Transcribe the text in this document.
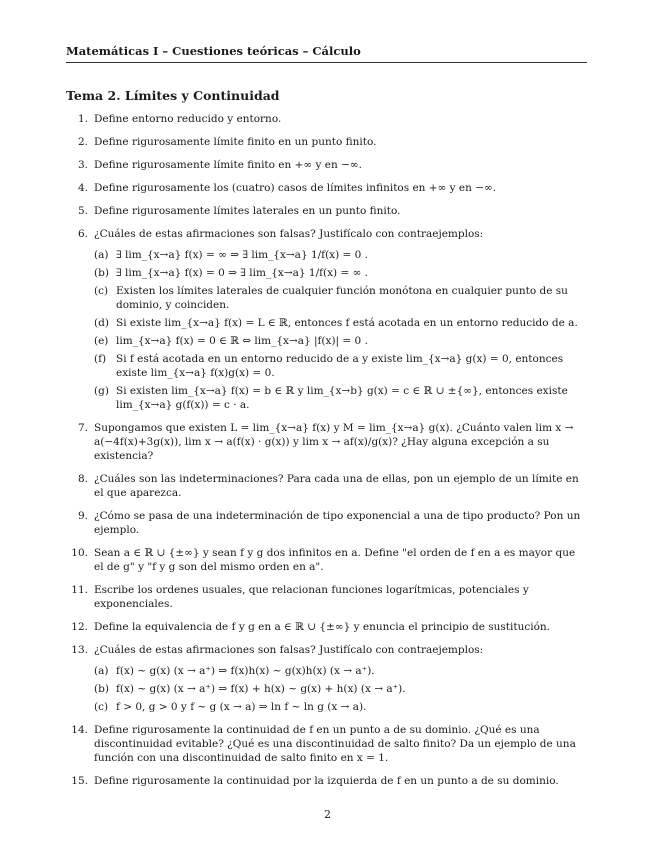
Matemáticas I – Cuestiones teóricas – Cálculo
Tema 2. Límites y Continuidad
1. Define entorno reducido y entorno.
2. Define rigurosamente límite finito en un punto finito.
3. Define rigurosamente límite finito en +∞ y en −∞.
4. Define rigurosamente los (cuatro) casos de límites infinitos en +∞ y en −∞.
5. Define rigurosamente límites laterales en un punto finito.
6. ¿Cuáles de estas afirmaciones son falsas? Justifícalo con contraejemplos:
(a) ∃ lim_{x→a} f(x) = ∞ ⇒ ∃ lim_{x→a} 1/f(x) = 0 .
(b) ∃ lim_{x→a} f(x) = 0 ⇒ ∃ lim_{x→a} 1/f(x) = ∞ .
(c) Existen los límites laterales de cualquier función monótona en cualquier punto de su dominio, y coinciden.
(d) Si existe lim_{x→a} f(x) = L ∈ ℝ, entonces f está acotada en un entorno reducido de a.
(e) lim_{x→a} f(x) = 0 ∈ ℝ ⇔ lim_{x→a} |f(x)| = 0 .
(f) Si f está acotada en un entorno reducido de a y existe lim_{x→a} g(x) = 0, entonces existe lim_{x→a} f(x)g(x) = 0.
(g) Si existen lim_{x→a} f(x) = b ∈ ℝ y lim_{x→b} g(x) = c ∈ ℝ ∪ ±{∞}, entonces existe lim_{x→a} g(f(x)) = c · a.
7. Supongamos que existen L = lim_{x→a} f(x) y M = lim_{x→a} g(x). ¿Cuánto valen lim x → a(−4f(x)+3g(x)), lim x → a(f(x) · g(x)) y lim x → af(x)/g(x)? ¿Hay alguna excepción a su existencia?
8. ¿Cuáles son las indeterminaciones? Para cada una de ellas, pon un ejemplo de un límite en el que aparezca.
9. ¿Cómo se pasa de una indeterminación de tipo exponencial a una de tipo producto? Pon un ejemplo.
10. Sean a ∈ ℝ ∪ {±∞} y sean f y g dos infinitos en a. Define "el orden de f en a es mayor que el de g" y "f y g son del mismo orden en a".
11. Escribe los ordenes usuales, que relacionan funciones logarítmicas, potenciales y exponenciales.
12. Define la equivalencia de f y g en a ∈ ℝ ∪ {±∞} y enuncia el principio de sustitución.
13. ¿Cuáles de estas afirmaciones son falsas? Justifícalo con contraejemplos:
(a) f(x) ∼ g(x) (x → a⁺) ⇒ f(x)h(x) ∼ g(x)h(x) (x → a⁺).
(b) f(x) ∼ g(x) (x → a⁺) ⇒ f(x) + h(x) ∼ g(x) + h(x) (x → a⁺).
(c) f > 0, g > 0 y f ∼ g (x → a) ⇒ ln f ∼ ln g (x → a).
14. Define rigurosamente la continuidad de f en un punto a de su dominio. ¿Qué es una discontinuidad evitable? ¿Qué es una discontinuidad de salto finito? Da un ejemplo de una función con una discontinuidad de salto finito en x = 1.
15. Define rigurosamente la continuidad por la izquierda de f en un punto a de su dominio.
2
